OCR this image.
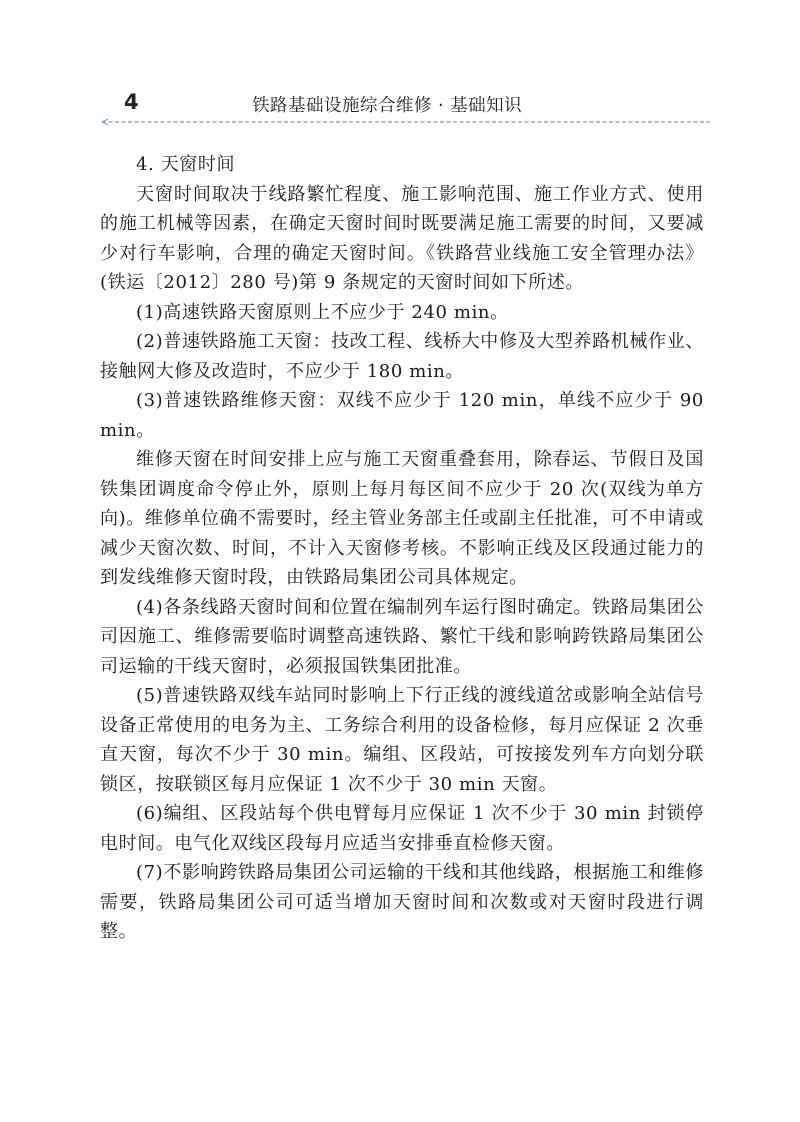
4	铁路基础设施综合维修 · 基础知识

4. 天窗时间

天窗时间取决于线路繁忙程度、施工影响范围、施工作业方式、使用的施工机械等因素，在确定天窗时间时既要满足施工需要的时间，又要减少对行车影响，合理的确定天窗时间。《铁路营业线施工安全管理办法》(铁运〔2012〕280 号)第 9 条规定的天窗时间如下所述。

(1)高速铁路天窗原则上不应少于 240 min。

(2)普速铁路施工天窗：技改工程、线桥大中修及大型养路机械作业、接触网大修及改造时，不应少于 180 min。

(3)普速铁路维修天窗：双线不应少于 120 min，单线不应少于 90 min。

维修天窗在时间安排上应与施工天窗重叠套用，除春运、节假日及国铁集团调度命令停止外，原则上每月每区间不应少于 20 次(双线为单方向)。维修单位确不需要时，经主管业务部主任或副主任批准，可不申请或减少天窗次数、时间，不计入天窗修考核。不影响正线及区段通过能力的到发线维修天窗时段，由铁路局集团公司具体规定。

(4)各条线路天窗时间和位置在编制列车运行图时确定。铁路局集团公司因施工、维修需要临时调整高速铁路、繁忙干线和影响跨铁路局集团公司运输的干线天窗时，必须报国铁集团批准。

(5)普速铁路双线车站同时影响上下行正线的渡线道岔或影响全站信号设备正常使用的电务为主、工务综合利用的设备检修，每月应保证 2 次垂直天窗，每次不少于 30 min。编组、区段站，可按接发列车方向划分联锁区，按联锁区每月应保证 1 次不少于 30 min 天窗。

(6)编组、区段站每个供电臂每月应保证 1 次不少于 30 min 封锁停电时间。电气化双线区段每月应适当安排垂直检修天窗。

(7)不影响跨铁路局集团公司运输的干线和其他线路，根据施工和维修需要，铁路局集团公司可适当增加天窗时间和次数或对天窗时段进行调整。
